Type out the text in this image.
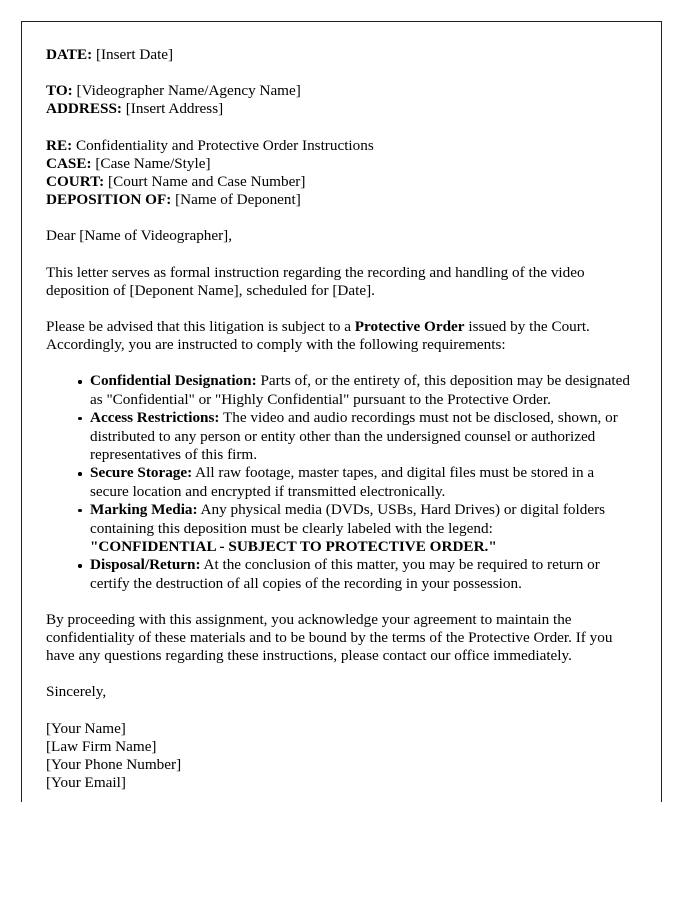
DATE: [Insert Date]
TO: [Videographer Name/Agency Name]
ADDRESS: [Insert Address]
RE: Confidentiality and Protective Order Instructions
CASE: [Case Name/Style]
COURT: [Court Name and Case Number]
DEPOSITION OF: [Name of Deponent]
Dear [Name of Videographer],
This letter serves as formal instruction regarding the recording and handling of the video deposition of [Deponent Name], scheduled for [Date].
Please be advised that this litigation is subject to a Protective Order issued by the Court. Accordingly, you are instructed to comply with the following requirements:
Confidential Designation: Parts of, or the entirety of, this deposition may be designated as "Confidential" or "Highly Confidential" pursuant to the Protective Order.
Access Restrictions: The video and audio recordings must not be disclosed, shown, or distributed to any person or entity other than the undersigned counsel or authorized representatives of this firm.
Secure Storage: All raw footage, master tapes, and digital files must be stored in a secure location and encrypted if transmitted electronically.
Marking Media: Any physical media (DVDs, USBs, Hard Drives) or digital folders containing this deposition must be clearly labeled with the legend:
"CONFIDENTIAL - SUBJECT TO PROTECTIVE ORDER."
Disposal/Return: At the conclusion of this matter, you may be required to return or certify the destruction of all copies of the recording in your possession.
By proceeding with this assignment, you acknowledge your agreement to maintain the confidentiality of these materials and to be bound by the terms of the Protective Order. If you have any questions regarding these instructions, please contact our office immediately.
Sincerely,
[Your Name]
[Law Firm Name]
[Your Phone Number]
[Your Email]
